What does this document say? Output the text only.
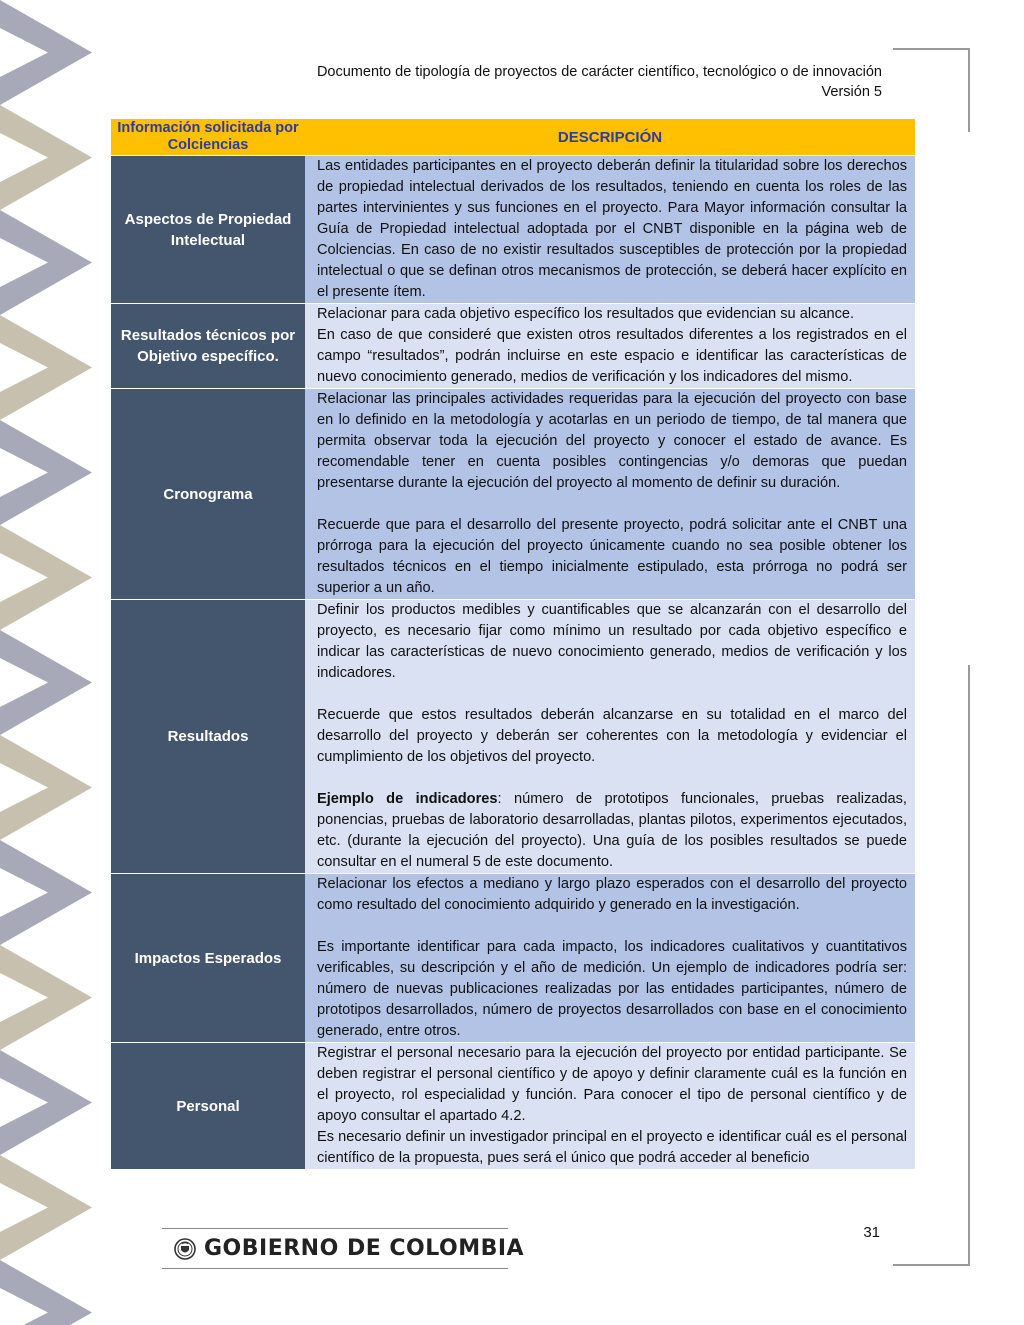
Documento de tipología de proyectos de carácter científico, tecnológico o de innovación
Versión 5
Información solicitada por Colciencias	DESCRIPCIÓN
Aspectos de Propiedad Intelectual	Las entidades participantes en el proyecto deberán definir la titularidad sobre los derechos de propiedad intelectual derivados de los resultados, teniendo en cuenta los roles de las partes intervinientes y sus funciones en el proyecto. Para Mayor información consultar la Guía de Propiedad intelectual adoptada por el CNBT disponible en la página web de Colciencias. En caso de no existir resultados susceptibles de protección por la propiedad intelectual o que se definan otros mecanismos de protección, se deberá hacer explícito en el presente ítem.

Resultados técnicos por Objetivo específico.	Relacionar para cada objetivo específico los resultados que evidencian su alcance.

En caso de que consideré que existen otros resultados diferentes a los registrados en el campo “resultados”, podrán incluirse en este espacio e identificar las características de nuevo conocimiento generado, medios de verificación y los indicadores del mismo.

Cronograma	Relacionar las principales actividades requeridas para la ejecución del proyecto con base en lo definido en la metodología y acotarlas en un periodo de tiempo, de tal manera que permita observar toda la ejecución del proyecto y conocer el estado de avance. Es recomendable tener en cuenta posibles contingencias y/o demoras que puedan presentarse durante la ejecución del proyecto al momento de definir su duración.

Recuerde que para el desarrollo del presente proyecto, podrá solicitar ante el CNBT una prórroga para la ejecución del proyecto únicamente cuando no sea posible obtener los resultados técnicos en el tiempo inicialmente estipulado, esta prórroga no podrá ser superior a un año.

Resultados	Definir los productos medibles y cuantificables que se alcanzarán con el desarrollo del proyecto, es necesario fijar como mínimo un resultado por cada objetivo específico e indicar las características de nuevo conocimiento generado, medios de verificación y los indicadores.

Recuerde que estos resultados deberán alcanzarse en su totalidad en el marco del desarrollo del proyecto y deberán ser coherentes con la metodología y evidenciar el cumplimiento de los objetivos del proyecto.

Ejemplo de indicadores: número de prototipos funcionales, pruebas realizadas, ponencias, pruebas de laboratorio desarrolladas, plantas pilotos, experimentos ejecutados, etc. (durante la ejecución del proyecto). Una guía de los posibles resultados se puede consultar en el numeral 5 de este documento.

Impactos Esperados	Relacionar los efectos a mediano y largo plazo esperados con el desarrollo del proyecto como resultado del conocimiento adquirido y generado en la investigación.

Es importante identificar para cada impacto, los indicadores cualitativos y cuantitativos verificables, su descripción y el año de medición. Un ejemplo de indicadores podría ser: número de nuevas publicaciones realizadas por las entidades participantes, número de prototipos desarrollados, número de proyectos desarrollados con base en el conocimiento generado, entre otros.

Personal	Registrar el personal necesario para la ejecución del proyecto por entidad participante. Se deben registrar el personal científico y de apoyo y definir claramente cuál es la función en el proyecto, rol especialidad y función. Para conocer el tipo de personal científico y de apoyo consultar el apartado 4.2.

Es necesario definir un investigador principal en el proyecto e identificar cuál es el personal científico de la propuesta, pues será el único que podrá acceder al beneficio

31
GOBIERNO DE COLOMBIA
